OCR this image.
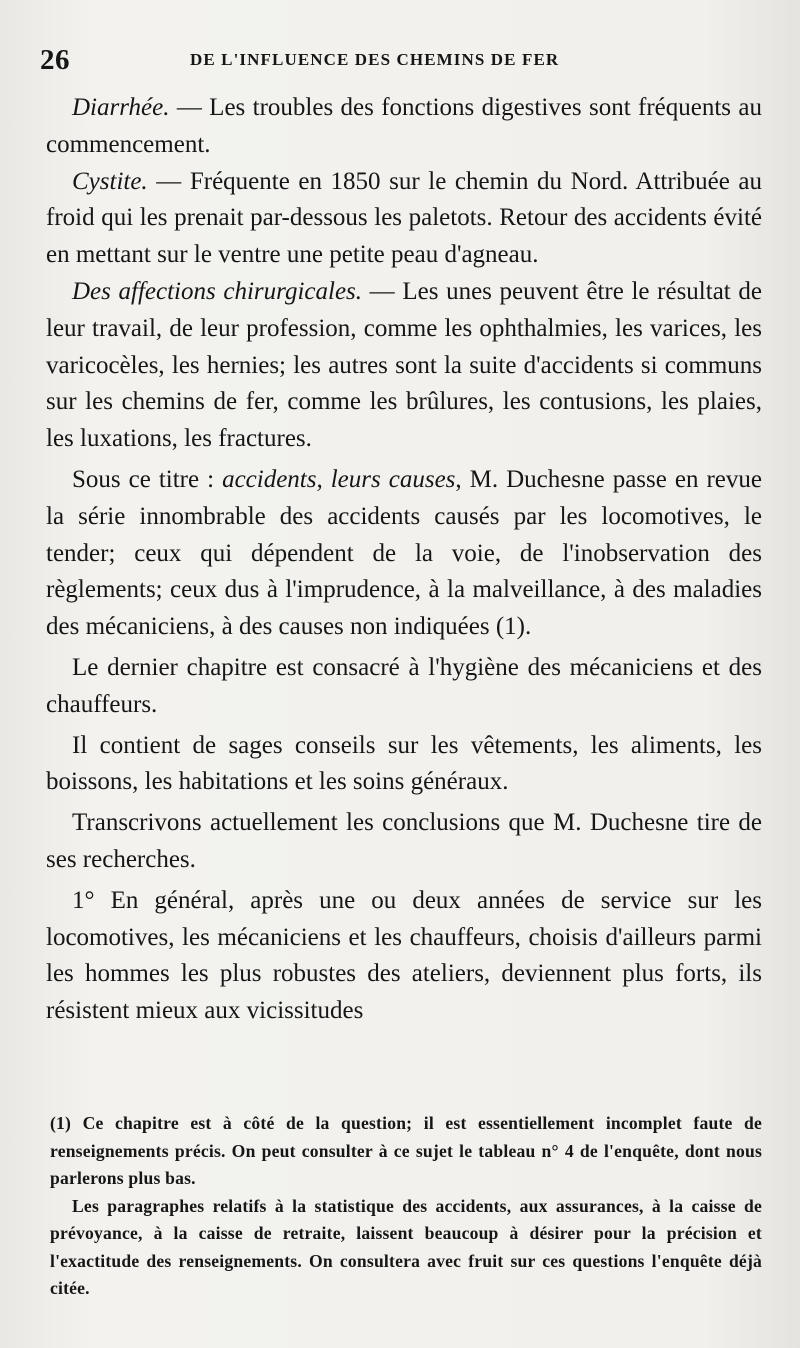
26	DE L'INFLUENCE DES CHEMINS DE FER

Diarrhée. — Les troubles des fonctions digestives sont fréquents au commencement.

Cystite. — Fréquente en 1850 sur le chemin du Nord. Attribuée au froid qui les prenait par-dessous les paletots. Retour des accidents évité en mettant sur le ventre une petite peau d'agneau.

Des affections chirurgicales. — Les unes peuvent être le résultat de leur travail, de leur profession, comme les ophthalmies, les varices, les varicocèles, les hernies; les autres sont la suite d'accidents si communs sur les chemins de fer, comme les brûlures, les contusions, les plaies, les luxations, les fractures.

Sous ce titre : accidents, leurs causes, M. Duchesne passe en revue la série innombrable des accidents causés par les locomotives, le tender; ceux qui dépendent de la voie, de l'inobservation des règlements; ceux dus à l'imprudence, à la malveillance, à des maladies des mécaniciens, à des causes non indiquées (1).

Le dernier chapitre est consacré à l'hygiène des mécaniciens et des chauffeurs.

Il contient de sages conseils sur les vêtements, les aliments, les boissons, les habitations et les soins généraux.

Transcrivons actuellement les conclusions que M. Duchesne tire de ses recherches.

1° En général, après une ou deux années de service sur les locomotives, les mécaniciens et les chauffeurs, choisis d'ailleurs parmi les hommes les plus robustes des ateliers, deviennent plus forts, ils résistent mieux aux vicissitudes

(1) Ce chapitre est à côté de la question; il est essentiellement incomplet faute de renseignements précis. On peut consulter à ce sujet le tableau n° 4 de l'enquête, dont nous parlerons plus bas.

Les paragraphes relatifs à la statistique des accidents, aux assurances, à la caisse de prévoyance, à la caisse de retraite, laissent beaucoup à désirer pour la précision et l'exactitude des renseignements. On consultera avec fruit sur ces questions l'enquête déjà citée.
